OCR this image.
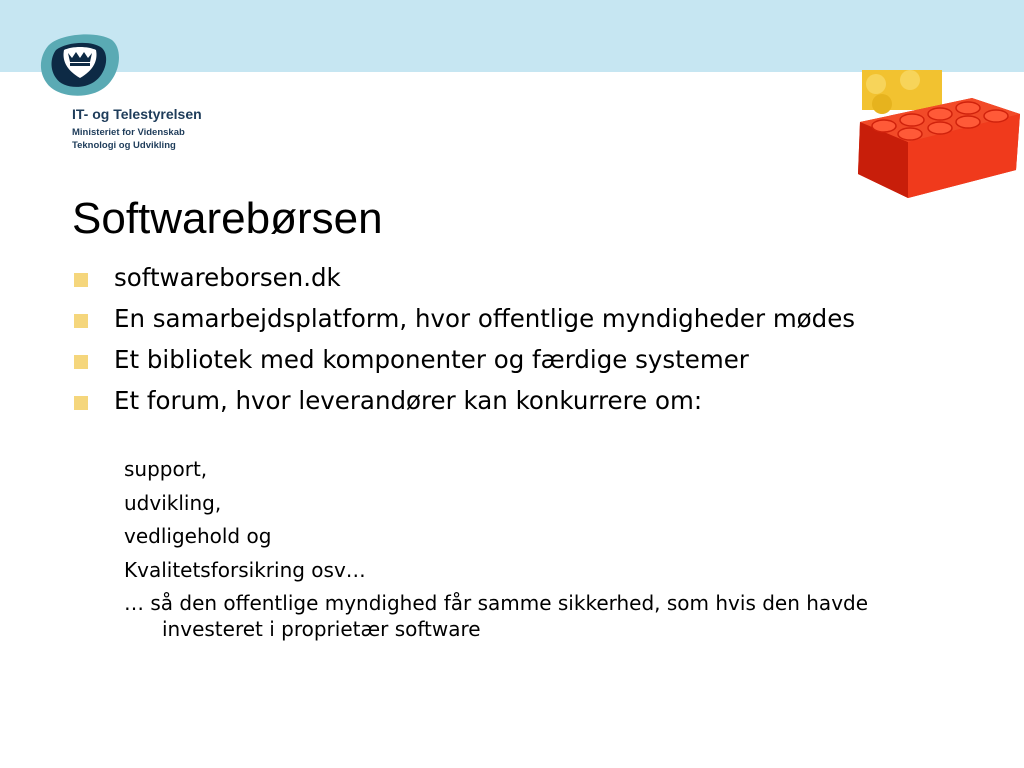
IT- og Telestyrelsen
Ministeriet for Videnskab
Teknologi og Udvikling
Softwarebørsen
softwareborsen.dk
En samarbejdsplatform, hvor offentlige myndigheder mødes
Et bibliotek med komponenter og færdige systemer
Et forum, hvor leverandører kan konkurrere om:
support,
udvikling,
vedligehold og
Kvalitetsforsikring osv…
… så den offentlige myndighed får samme sikkerhed, som hvis den havde investeret i proprietær software
